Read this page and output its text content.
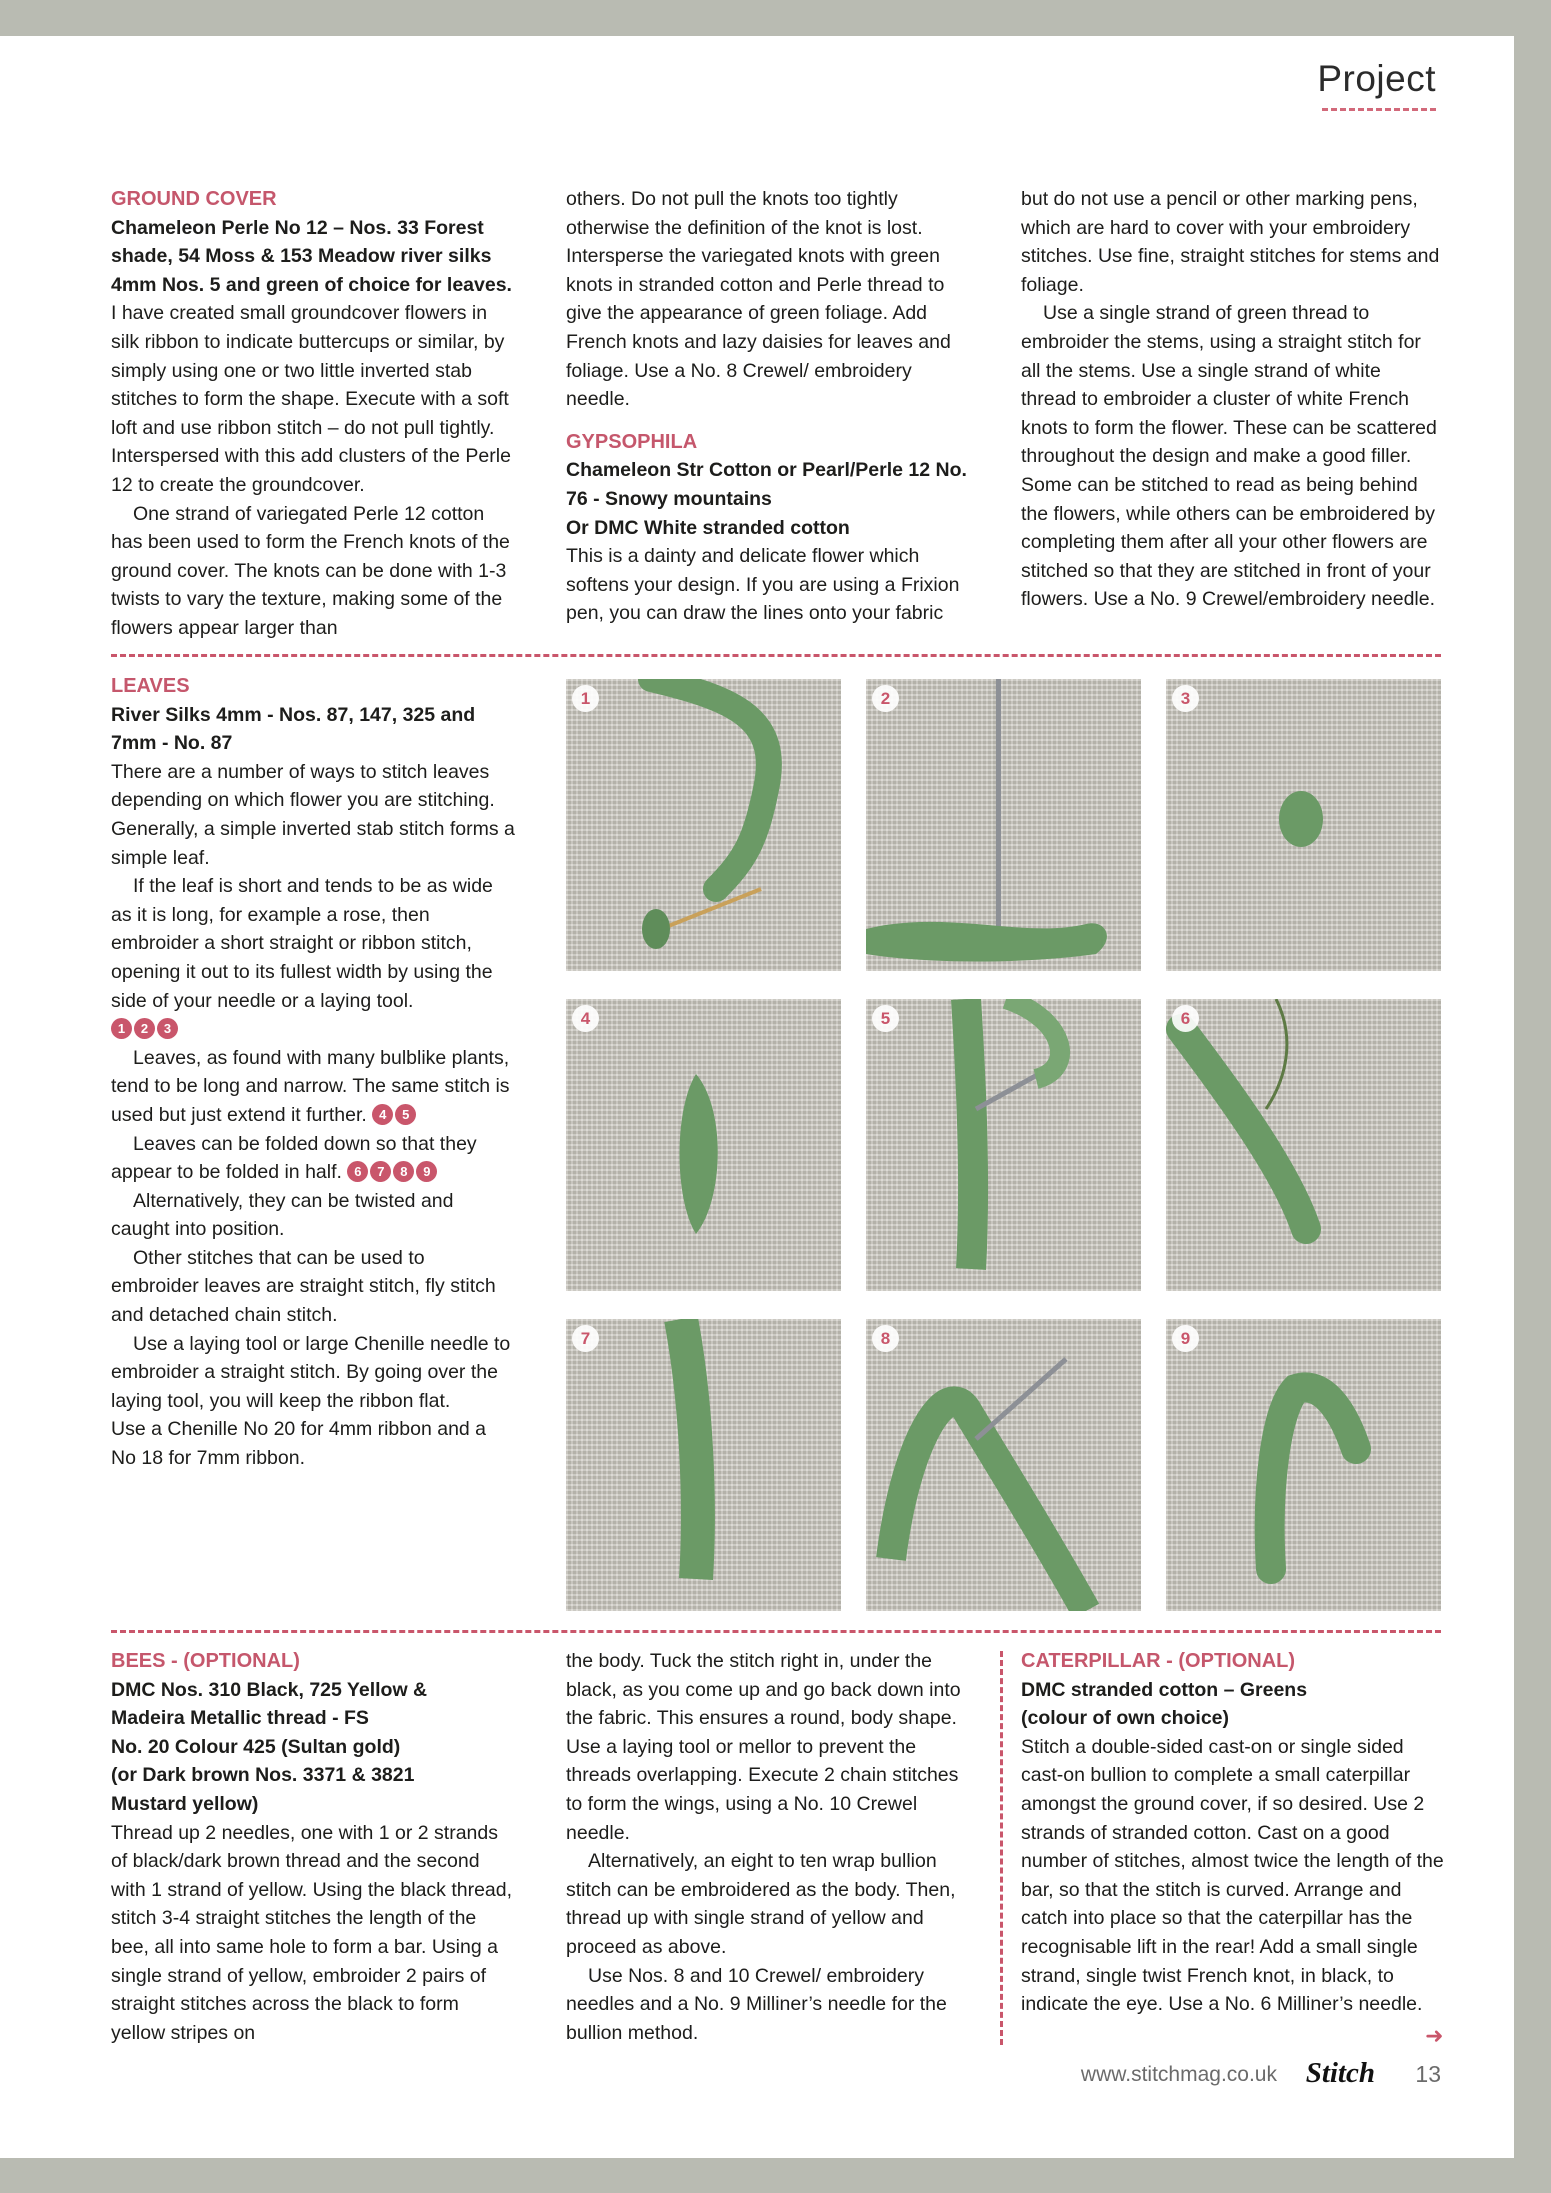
Project

GROUND COVER

Chameleon Perle No 12 – Nos. 33 Forest shade, 54 Moss & 153 Meadow river silks 4mm Nos. 5 and green of choice for leaves.

I have created small groundcover flowers in silk ribbon to indicate buttercups or similar, by simply using one or two little inverted stab stitches to form the shape. Execute with a soft loft and use ribbon stitch – do not pull tightly. Interspersed with this add clusters of the Perle 12 to create the groundcover.

One strand of variegated Perle 12 cotton has been used to form the French knots of the ground cover. The knots can be done with 1-3 twists to vary the texture, making some of the flowers appear larger than

others. Do not pull the knots too tightly otherwise the definition of the knot is lost. Intersperse the variegated knots with green knots in stranded cotton and Perle thread to give the appearance of green foliage. Add French knots and lazy daisies for leaves and foliage. Use a No. 8 Crewel/ embroidery needle.

GYPSOPHILA

Chameleon Str Cotton or Pearl/Perle 12 No. 76 - Snowy mountains

Or DMC White stranded cotton

This is a dainty and delicate flower which softens your design. If you are using a Frixion pen, you can draw the lines onto your fabric

but do not use a pencil or other marking pens, which are hard to cover with your embroidery stitches. Use fine, straight stitches for stems and foliage.

Use a single strand of green thread to embroider the stems, using a straight stitch for all the stems. Use a single strand of white thread to embroider a cluster of white French knots to form the flower. These can be scattered throughout the design and make a good filler. Some can be stitched to read as being behind the flowers, while others can be embroidered by completing them after all your other flowers are stitched so that they are stitched in front of your flowers. Use a No. 9 Crewel/embroidery needle.

LEAVES

River Silks 4mm - Nos. 87, 147, 325 and 7mm - No. 87

There are a number of ways to stitch leaves depending on which flower you are stitching. Generally, a simple inverted stab stitch forms a simple leaf.

If the leaf is short and tends to be as wide as it is long, for example a rose, then embroider a short straight or ribbon stitch, opening it out to its fullest width by using the side of your needle or a laying tool.

1 2 3

Leaves, as found with many bulblike plants, tend to be long and narrow. The same stitch is used but just extend it further. 4 5

Leaves can be folded down so that they appear to be folded in half. 6 7 8 9

Alternatively, they can be twisted and caught into position.

Other stitches that can be used to embroider leaves are straight stitch, fly stitch and detached chain stitch.

Use a laying tool or large Chenille needle to embroider a straight stitch. By going over the laying tool, you will keep the ribbon flat.

Use a Chenille No 20 for 4mm ribbon and a No 18 for 7mm ribbon.

1	2	3
4	5	6
7	8	9

BEES - (OPTIONAL)

DMC Nos. 310 Black, 725 Yellow &

Madeira Metallic thread - FS

No. 20 Colour 425 (Sultan gold)

(or Dark brown Nos. 3371 & 3821

Mustard yellow)

Thread up 2 needles, one with 1 or 2 strands of black/dark brown thread and the second with 1 strand of yellow. Using the black thread, stitch 3-4 straight stitches the length of the bee, all into same hole to form a bar. Using a single strand of yellow, embroider 2 pairs of straight stitches across the black to form yellow stripes on

the body. Tuck the stitch right in, under the black, as you come up and go back down into the fabric. This ensures a round, body shape. Use a laying tool or mellor to prevent the threads overlapping. Execute 2 chain stitches to form the wings, using a No. 10 Crewel needle.

Alternatively, an eight to ten wrap bullion stitch can be embroidered as the body. Then, thread up with single strand of yellow and proceed as above.

Use Nos. 8 and 10 Crewel/ embroidery needles and a No. 9 Milliner’s needle for the bullion method.

CATERPILLAR - (OPTIONAL)

DMC stranded cotton – Greens

(colour of own choice)

Stitch a double-sided cast-on or single sided cast-on bullion to complete a small caterpillar amongst the ground cover, if so desired. Use 2 strands of stranded cotton. Cast on a good number of stitches, almost twice the length of the bar, so that the stitch is curved. Arrange and catch into place so that the caterpillar has the recognisable lift in the rear! Add a small single strand, single twist French knot, in black, to indicate the eye. Use a No. 6 Milliner’s needle.

➜
www.stitchmag.co.uk Stitch 13
